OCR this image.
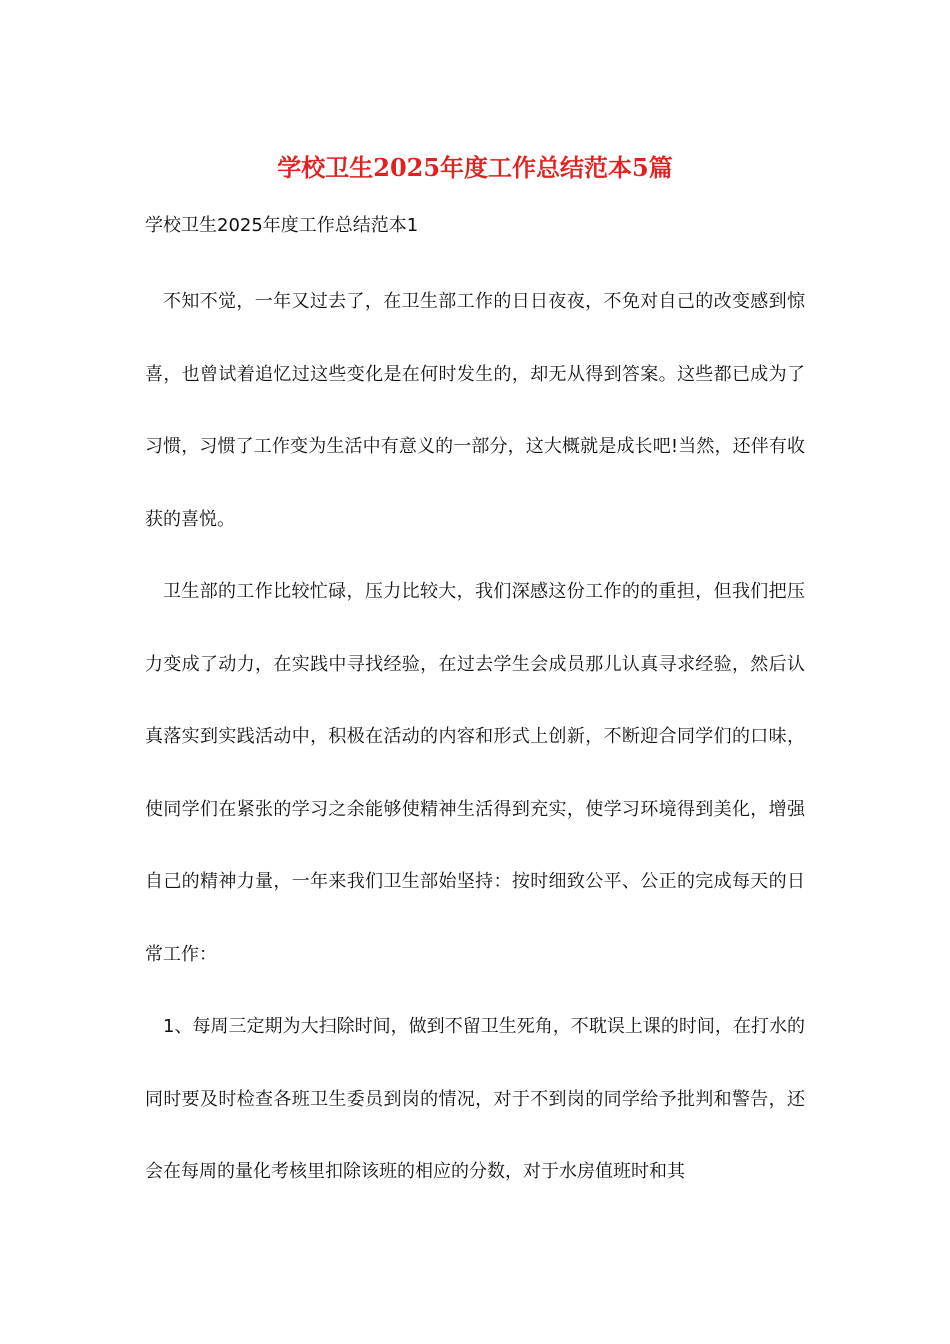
学校卫生2025年度工作总结范本5篇

学校卫生2025年度工作总结范本1

不知不觉，一年又过去了，在卫生部工作的日日夜夜，不免对自己的改变感到惊喜，也曾试着追忆过这些变化是在何时发生的，却无从得到答案。这些都已成为了习惯，习惯了工作变为生活中有意义的一部分，这大概就是成长吧!当然，还伴有收获的喜悦。

卫生部的工作比较忙碌，压力比较大，我们深感这份工作的的重担，但我们把压力变成了动力，在实践中寻找经验，在过去学生会成员那儿认真寻求经验，然后认真落实到实践活动中，积极在活动的内容和形式上创新，不断迎合同学们的口味，使同学们在紧张的学习之余能够使精神生活得到充实，使学习环境得到美化，增强自己的精神力量，一年来我们卫生部始坚持：按时细致公平、公正的完成每天的日常工作：

1、每周三定期为大扫除时间，做到不留卫生死角，不耽误上课的时间，在打水的同时要及时检查各班卫生委员到岗的情况，对于不到岗的同学给予批判和警告，还会在每周的量化考核里扣除该班的相应的分数，对于水房值班时和其
